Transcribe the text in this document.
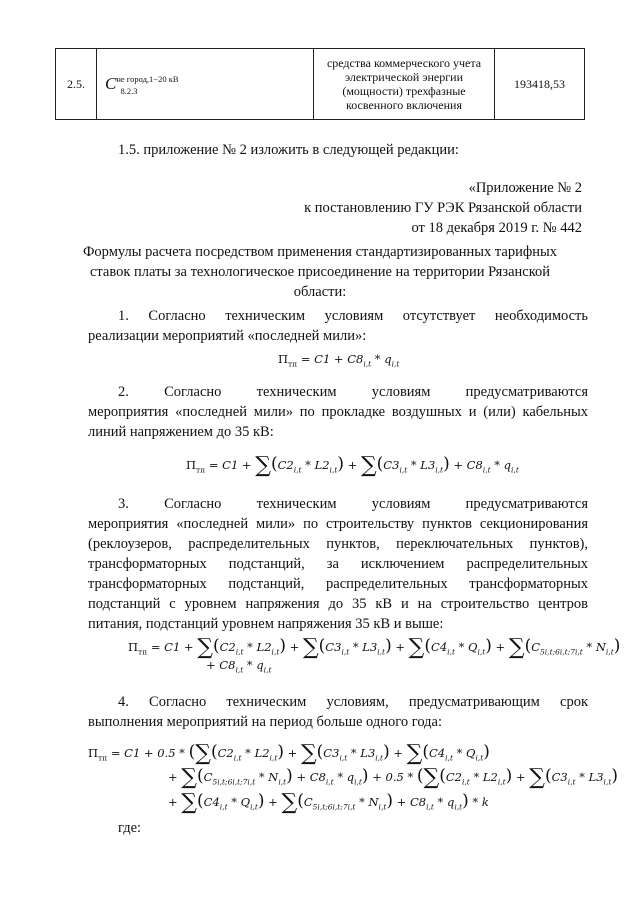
2.5.	$C^{не город,1-20 кВ}8.2.3$	средства коммерческого учета электрической энергии (мощности) трехфазные косвенного включения	193418,53
1.5. приложение № 2 изложить в следующей редакции:
«Приложение № 2
к постановлению ГУ РЭК Рязанской области
от 18 декабря 2019 г. № 442
Формулы расчета посредством применения стандартизированных тарифных
ставок платы за технологическое присоединение на территории Рязанской
области:
1. Согласно техническим условиям отсутствует необходимость
реализации мероприятий «последней мили»:
$П_{тп} = C1 + C8_{i,t} * q_{i,t}$
2. Согласно техническим условиям предусматриваются
мероприятия «последней мили» по прокладке воздушных и (или) кабельных
линий напряжением до 35 кВ:
$П_{тп} = C1 + \sum(C2_{i,t} * L2_{i,t}) + \sum(C3_{i,t} * L3_{i,t}) + C8_{i,t} * q_{i,t}$
3. Согласно техническим условиям предусматриваются
мероприятия «последней мили» по строительству пунктов секционирования
(реклоузеров, распределительных пунктов, переключательных пунктов),
трансформаторных подстанций, за исключением распределительных
трансформаторных подстанций, распределительных трансформаторных
подстанций с уровнем напряжения до 35 кВ и на строительство центров
питания, подстанций уровнем напряжения 35 кВ и выше:
$П_{тп} = C1 + \sum(C2_{i,t} * L2_{i,t}) + \sum(C3_{i,t} * L3_{i,t}) + \sum(C4_{i,t} * Q_{i,t}) + \sum(C_{5i,t;6i,t;7i,t} * N_{i,t})$
+ $C8_{i,t} * q_{i,t}$
4. Согласно техническим условиям, предусматривающим срок
выполнения мероприятий на период больше одного года:
$П_{тп} = C1 + 0.5 * (\sum(C2_{i,t} * L2_{i,t}) + \sum(C3_{i,t} * L3_{i,t}) + \sum(C4_{i,t} * Q_{i,t})$
+ $\sum(C_{5i,t;6i,t;7i,t} * N_{i,t}) + C8_{i,t} * q_{i,t}) + 0.5 * (\sum(C2_{i,t} * L2_{i,t}) + \sum(C3_{i,t} * L3_{i,t})$
+ $\sum(C4_{i,t} * Q_{i,t}) + \sum(C_{5i,t;6i,t;7i,t} * N_{i,t}) + C8_{i,t} * q_{i,t}) * k$
где:
